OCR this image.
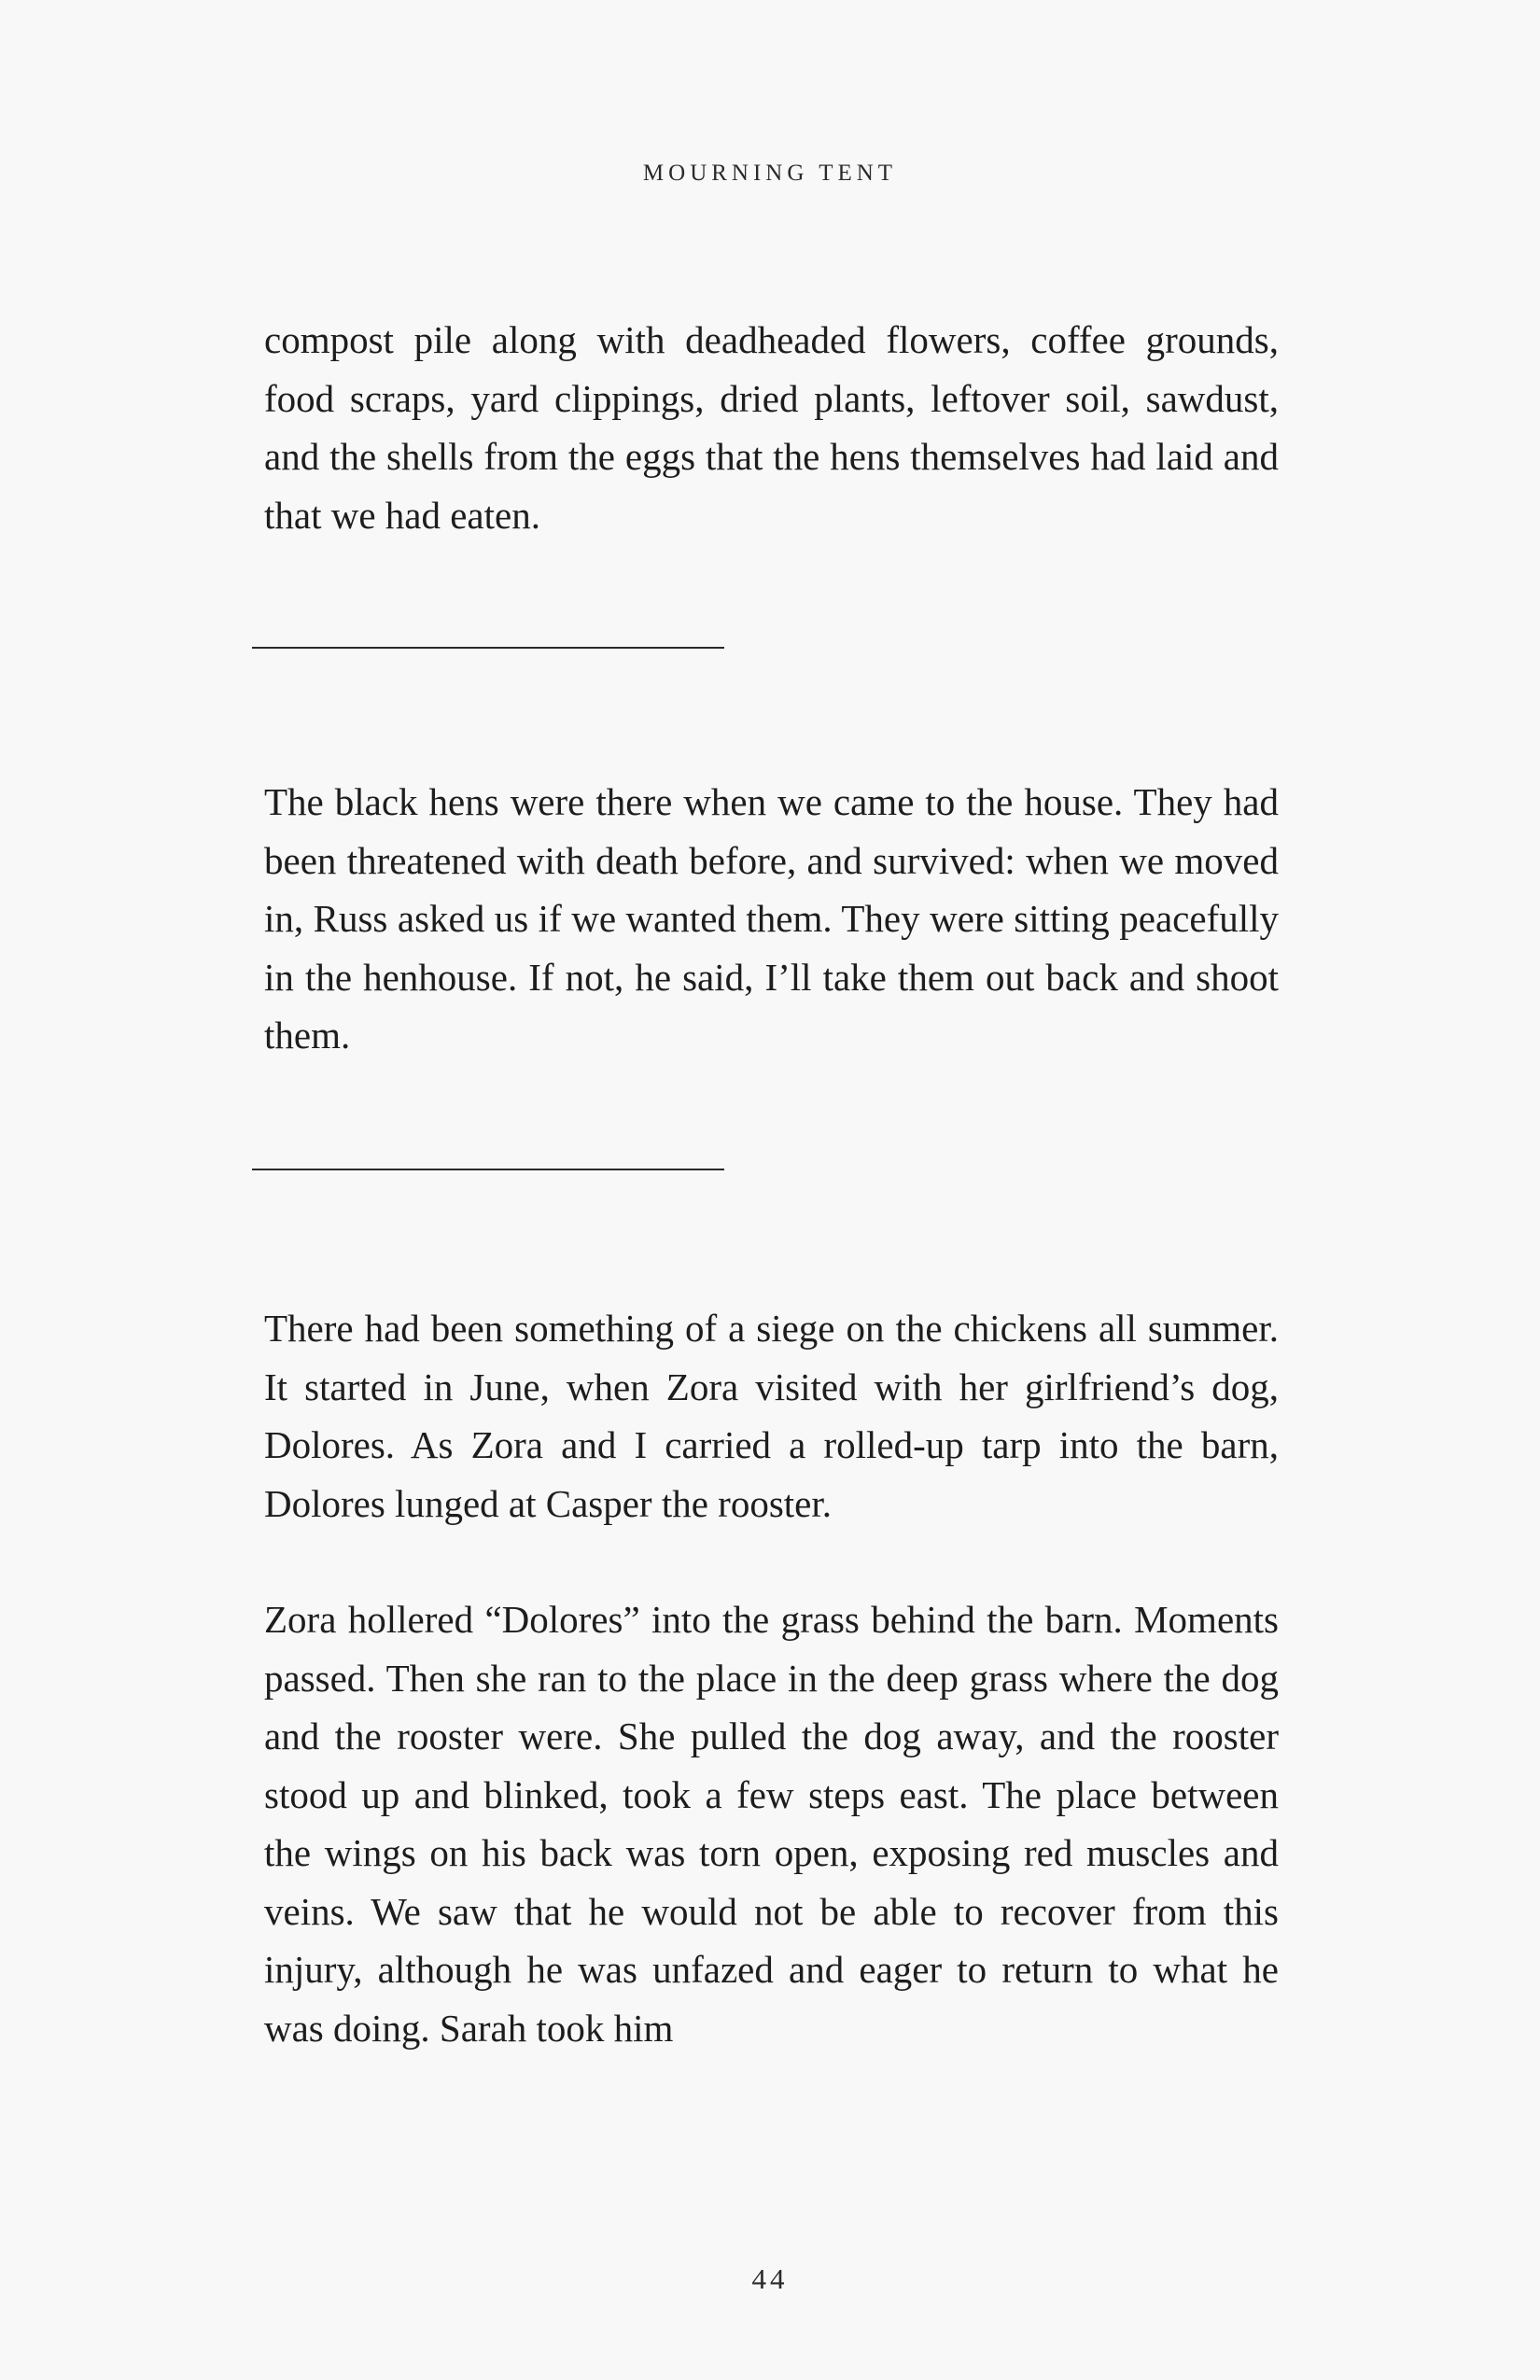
MOURNING TENT

compost pile along with deadheaded flowers, coffee grounds, food scraps, yard clippings, dried plants, leftover soil, sawdust, and the shells from the eggs that the hens themselves had laid and that we had eaten.

The black hens were there when we came to the house. They had been threatened with death before, and survived: when we moved in, Russ asked us if we wanted them. They were sitting peacefully in the henhouse. If not, he said, I’ll take them out back and shoot them.

There had been something of a siege on the chickens all summer. It started in June, when Zora visited with her girlfriend’s dog, Dolores. As Zora and I carried a rolled-up tarp into the barn, Dolores lunged at Casper the rooster.

Zora hollered “Dolores” into the grass behind the barn. Moments passed. Then she ran to the place in the deep grass where the dog and the rooster were. She pulled the dog away, and the rooster stood up and blinked, took a few steps east. The place between the wings on his back was torn open, exposing red muscles and veins. We saw that he would not be able to recover from this injury, although he was unfazed and eager to return to what he was doing. Sarah took him

44
